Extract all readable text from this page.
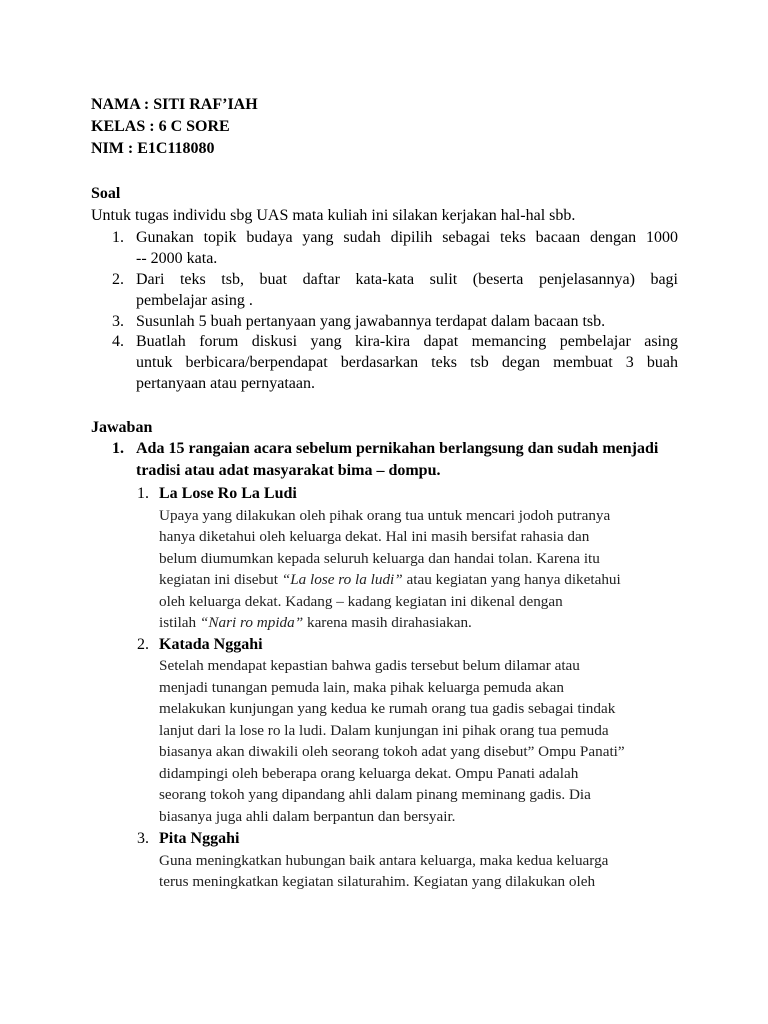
NAMA : SITI RAF’IAH
KELAS : 6 C SORE
NIM : E1C118080
Soal
Untuk tugas individu sbg UAS mata kuliah ini silakan kerjakan hal-hal sbb.
1. Gunakan topik budaya yang sudah dipilih sebagai teks bacaan dengan 1000
-- 2000 kata.
2. Dari teks tsb, buat daftar kata-kata sulit (beserta penjelasannya) bagi
pembelajar asing .
3. Susunlah 5 buah pertanyaan yang jawabannya terdapat dalam bacaan tsb.
4. Buatlah forum diskusi yang kira-kira dapat memancing pembelajar asing
untuk berbicara/berpendapat berdasarkan teks tsb degan membuat 3 buah
pertanyaan atau pernyataan.
Jawaban
1. Ada 15 rangaian acara sebelum pernikahan berlangsung dan sudah menjadi
tradisi atau adat masyarakat bima – dompu.
1. La Lose Ro La Ludi
Upaya yang dilakukan oleh pihak orang tua untuk mencari jodoh putranya
hanya diketahui oleh keluarga dekat. Hal ini masih bersifat rahasia dan
belum diumumkan kepada seluruh keluarga dan handai tolan. Karena itu
kegiatan ini disebut “La lose ro la ludi” atau kegiatan yang hanya diketahui
oleh keluarga dekat. Kadang – kadang kegiatan ini dikenal dengan
istilah “Nari ro mpida” karena masih dirahasiakan.
2. Katada Nggahi
Setelah mendapat kepastian bahwa gadis tersebut belum dilamar atau
menjadi tunangan pemuda lain, maka pihak keluarga pemuda akan
melakukan kunjungan yang kedua ke rumah orang tua gadis sebagai tindak
lanjut dari la lose ro la ludi. Dalam kunjungan ini pihak orang tua pemuda
biasanya akan diwakili oleh seorang tokoh adat yang disebut” Ompu Panati”
didampingi oleh beberapa orang keluarga dekat. Ompu Panati adalah
seorang tokoh yang dipandang ahli dalam pinang meminang gadis. Dia
biasanya juga ahli dalam berpantun dan bersyair.
3. Pita Nggahi
Guna meningkatkan hubungan baik antara keluarga, maka kedua keluarga
terus meningkatkan kegiatan silaturahim. Kegiatan yang dilakukan oleh
